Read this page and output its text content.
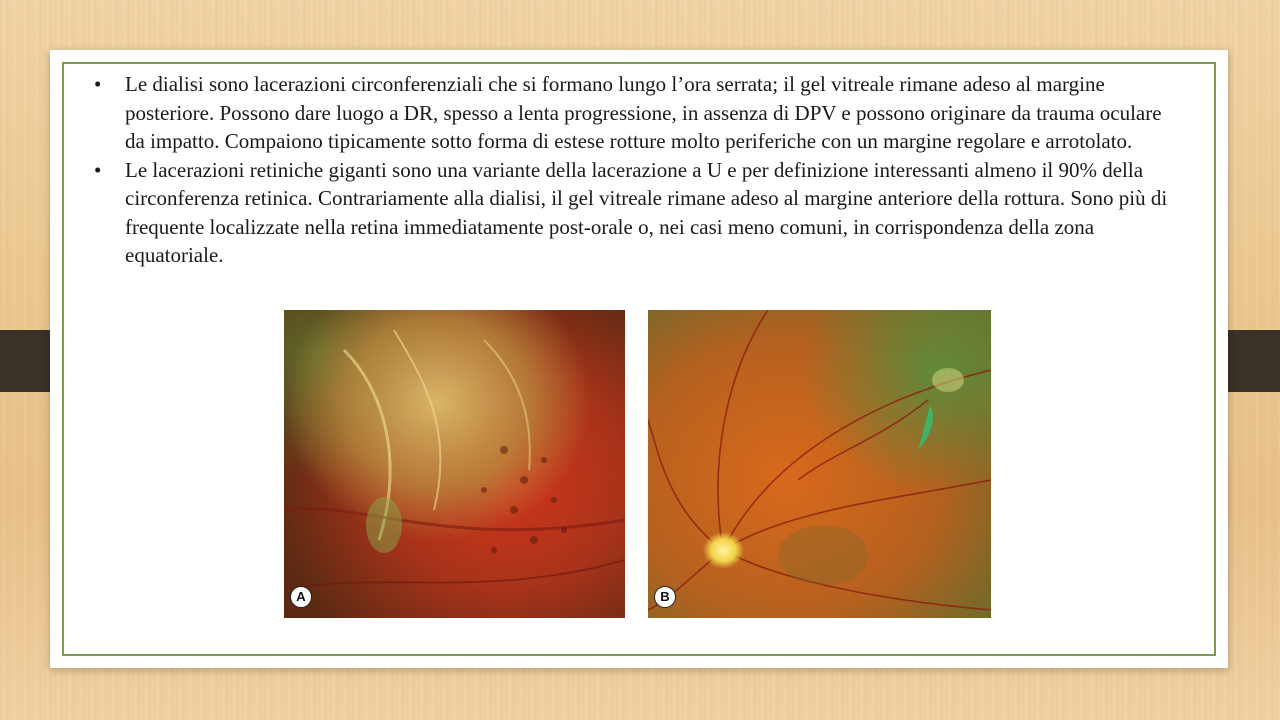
• Le dialisi sono lacerazioni circonferenziali che si formano lungo l’ora serrata; il gel vitreale rimane adeso al margine posteriore. Possono dare luogo a DR, spesso a lenta progressione, in assenza di DPV e possono originare da trauma oculare da impatto. Compaiono tipicamente sotto forma di estese rotture molto periferiche con un margine regolare e arrotolato.

• Le lacerazioni retiniche giganti sono una variante della lacerazione a U e per definizione interessanti almeno il 90% della circonferenza retinica. Contrariamente alla dialisi, il gel vitreale rimane adeso al margine anteriore della rottura. Sono più di frequente localizzate nella retina immediatamente post-orale o, nei casi meno comuni, in corrispondenza della zona equatoriale.

A	B
